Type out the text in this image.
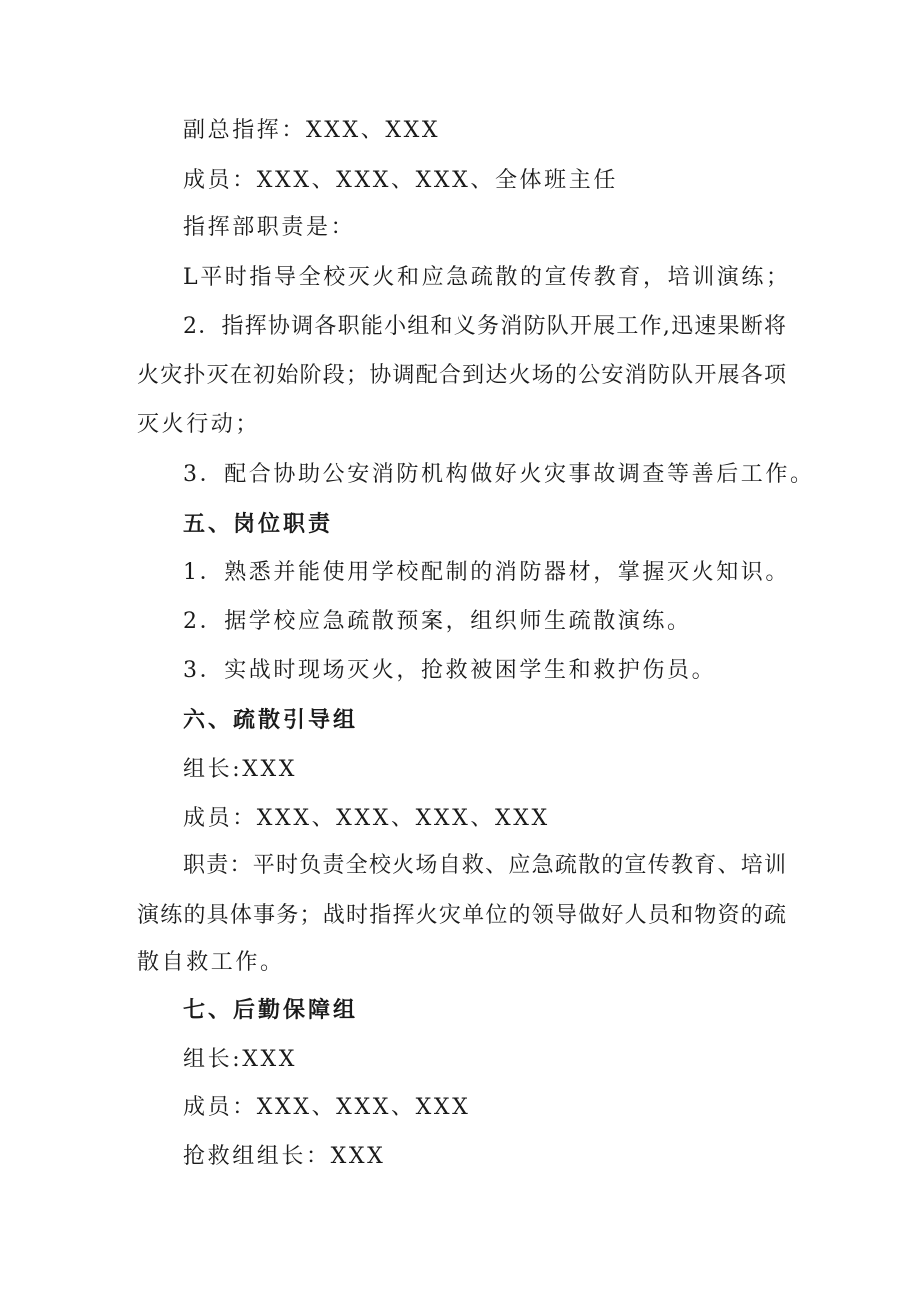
副总指挥：XXX、XXX
成员：XXX、XXX、XXX、全体班主任
指挥部职责是：
L平时指导全校灭火和应急疏散的宣传教育，培训演练；
2．指挥协调各职能小组和义务消防队开展工作,迅速果断将
火灾扑灭在初始阶段；协调配合到达火场的公安消防队开展各项
灭火行动；
3．配合协助公安消防机构做好火灾事故调查等善后工作。
五、岗位职责
1．熟悉并能使用学校配制的消防器材，掌握灭火知识。
2．据学校应急疏散预案，组织师生疏散演练。
3．实战时现场灭火，抢救被困学生和救护伤员。
六、疏散引导组
组长:XXX
成员：XXX、XXX、XXX、XXX
职责：平时负责全校火场自救、应急疏散的宣传教育、培训
演练的具体事务；战时指挥火灾单位的领导做好人员和物资的疏
散自救工作。
七、后勤保障组
组长:XXX
成员：XXX、XXX、XXX
抢救组组长：XXX
